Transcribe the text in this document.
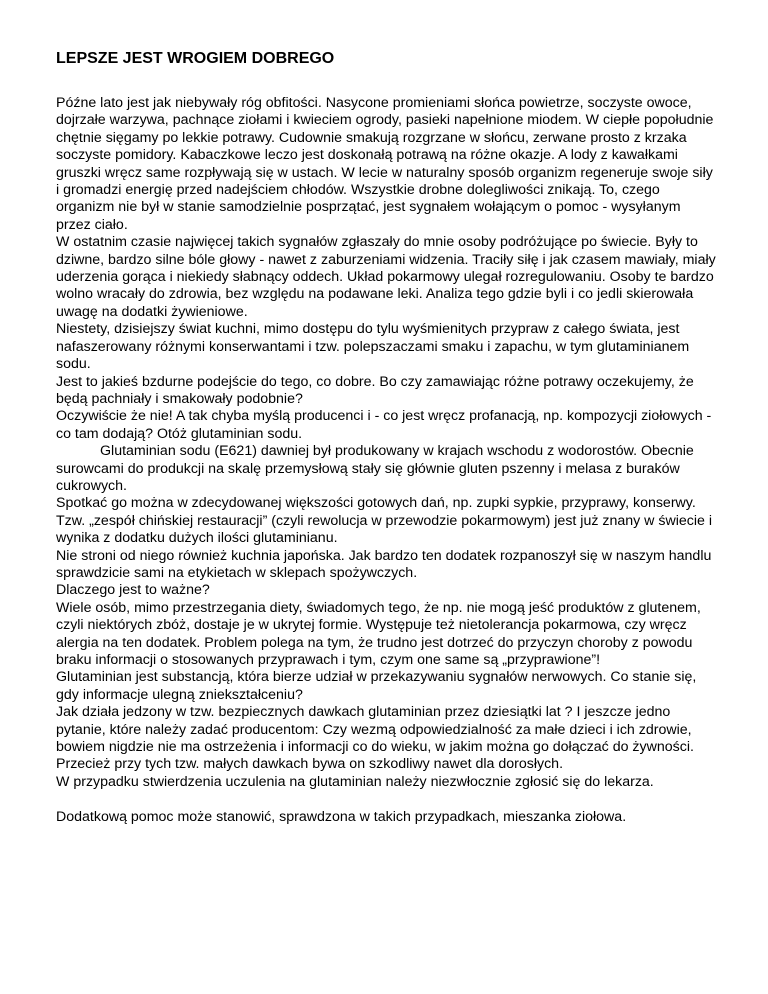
LEPSZE JEST WROGIEM DOBREGO

Późne lato jest jak niebywały róg obfitości. Nasycone promieniami słońca powietrze, soczyste owoce, dojrzałe warzywa, pachnące ziołami i kwieciem ogrody, pasieki napełnione miodem. W ciepłe popołudnie chętnie sięgamy po lekkie potrawy. Cudownie smakują rozgrzane w słońcu, zerwane prosto z krzaka soczyste pomidory. Kabaczkowe leczo jest doskonałą potrawą na różne okazje. A lody z kawałkami gruszki wręcz same rozpływają się w ustach. W lecie w naturalny sposób organizm regeneruje swoje siły i gromadzi energię przed nadejściem chłodów. Wszystkie drobne dolegliwości znikają. To, czego organizm nie był w stanie samodzielnie posprzątać, jest sygnałem wołającym o pomoc - wysyłanym przez ciało.

W ostatnim czasie najwięcej takich sygnałów zgłaszały do mnie osoby podróżujące po świecie. Były to dziwne, bardzo silne bóle głowy - nawet z zaburzeniami widzenia. Traciły siłę i jak czasem mawiały, miały uderzenia gorąca i niekiedy słabnący oddech. Układ pokarmowy ulegał rozregulowaniu. Osoby te bardzo wolno wracały do zdrowia, bez względu na podawane leki. Analiza tego gdzie byli i co jedli skierowała uwagę na dodatki żywieniowe.

Niestety, dzisiejszy świat kuchni, mimo dostępu do tylu wyśmienitych przypraw z całego świata, jest nafaszerowany różnymi konserwantami i tzw. polepszaczami smaku i zapachu, w tym glutaminianem sodu.

Jest to jakieś bzdurne podejście do tego, co dobre. Bo czy zamawiając różne potrawy oczekujemy, że będą pachniały i smakowały podobnie?

Oczywiście że nie! A tak chyba myślą producenci i - co jest wręcz profanacją, np. kompozycji ziołowych - co tam dodają? Otóż glutaminian sodu.

Glutaminian sodu (E621) dawniej był produkowany w krajach wschodu z wodorostów. Obecnie surowcami do produkcji na skalę przemysłową stały się głównie gluten pszenny i melasa z buraków cukrowych.

Spotkać go można w zdecydowanej większości gotowych dań, np. zupki sypkie, przyprawy, konserwy.

Tzw. „zespół chińskiej restauracji” (czyli rewolucja w przewodzie pokarmowym) jest już znany w świecie i wynika z dodatku dużych ilości glutaminianu.

Nie stroni od niego również kuchnia japońska. Jak bardzo ten dodatek rozpanoszył się w naszym handlu sprawdzicie sami na etykietach w sklepach spożywczych.

Dlaczego jest to ważne?

Wiele osób, mimo przestrzegania diety, świadomych tego, że np. nie mogą jeść produktów z glutenem, czyli niektórych zbóż, dostaje je w ukrytej formie. Występuje też nietolerancja pokarmowa, czy wręcz alergia na ten dodatek. Problem polega na tym, że trudno jest dotrzeć do przyczyn choroby z powodu braku informacji o stosowanych przyprawach i tym, czym one same są „przyprawione”!

Glutaminian jest substancją, która bierze udział w przekazywaniu sygnałów nerwowych. Co stanie się, gdy informacje ulegną zniekształceniu?

Jak działa jedzony w tzw. bezpiecznych dawkach glutaminian przez dziesiątki lat ? I jeszcze jedno pytanie, które należy zadać producentom: Czy wezmą odpowiedzialność za małe dzieci i ich zdrowie, bowiem nigdzie nie ma ostrzeżenia i informacji co do wieku, w jakim można go dołączać do żywności.

Przecież przy tych tzw. małych dawkach bywa on szkodliwy nawet dla dorosłych.

W przypadku stwierdzenia uczulenia na glutaminian należy niezwłocznie zgłosić się do lekarza.

Dodatkową pomoc może stanowić, sprawdzona w takich przypadkach, mieszanka ziołowa.
